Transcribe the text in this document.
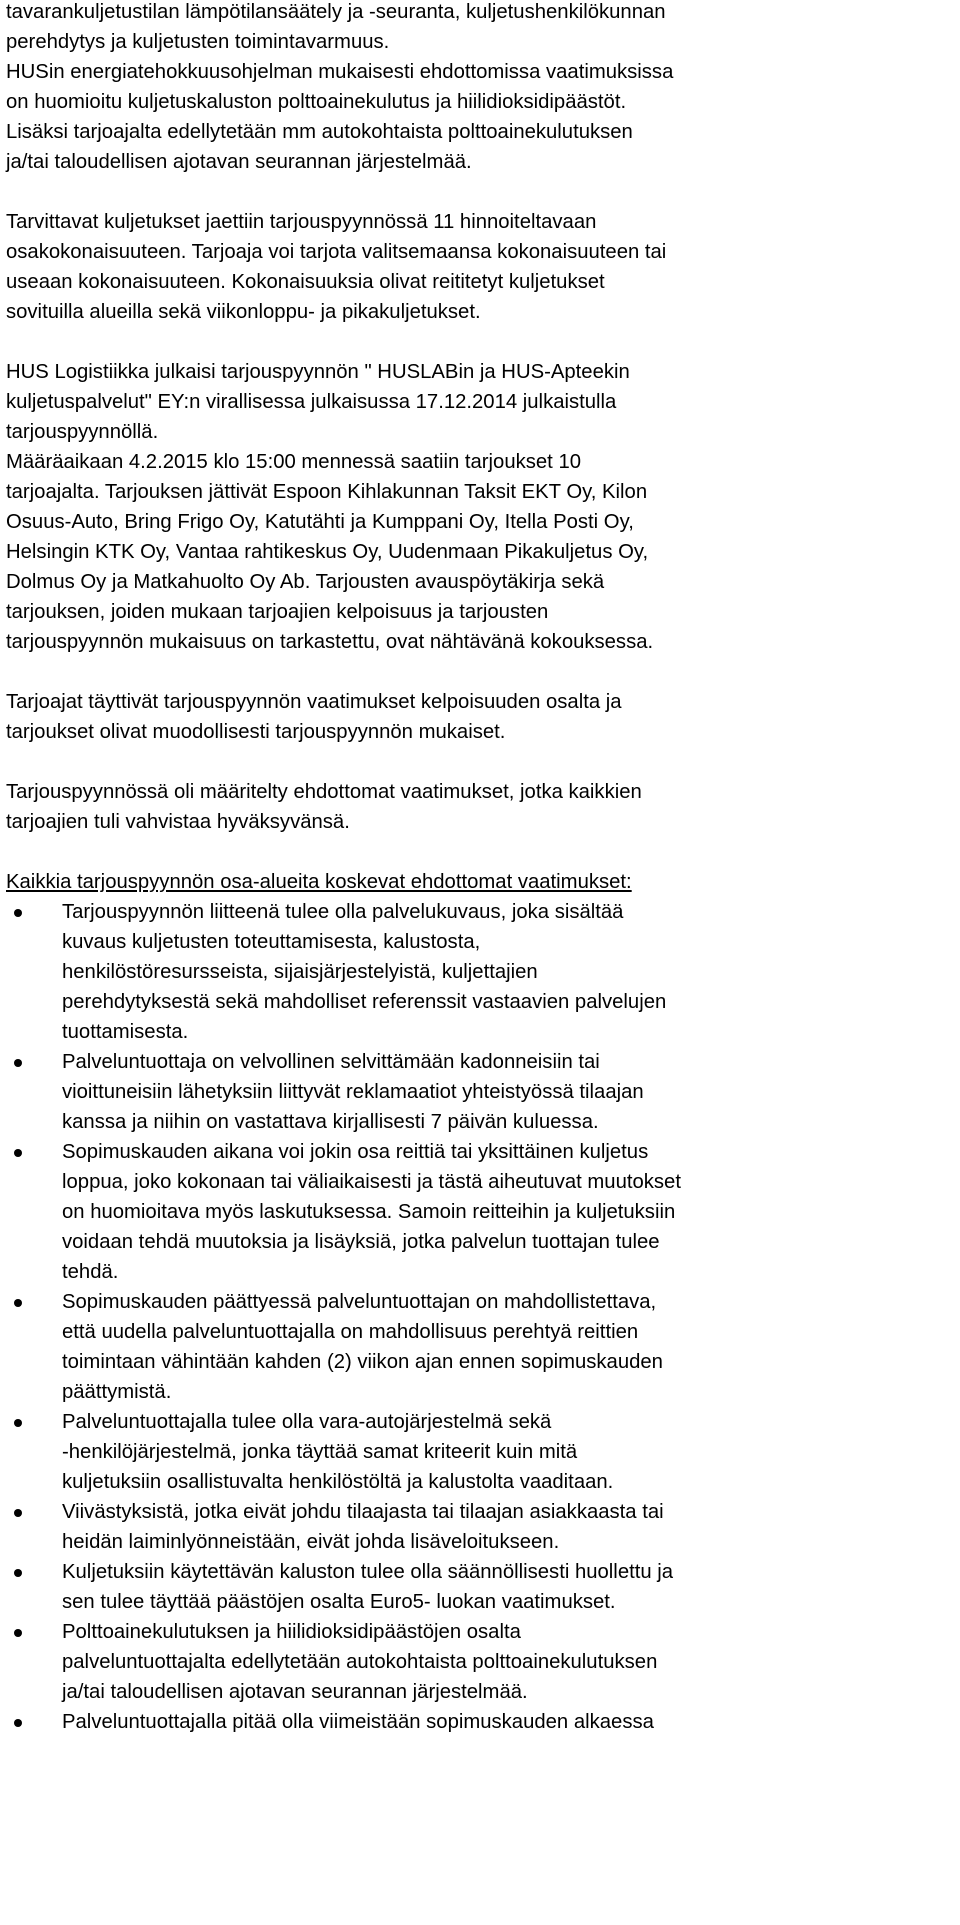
tavarankuljetustilan lämpötilansäätely ja -seuranta, kuljetushenkilökunnan
perehdytys ja kuljetusten toimintavarmuus.
HUSin energiatehokkuusohjelman mukaisesti ehdottomissa vaatimuksissa
on huomioitu kuljetuskaluston polttoainekulutus ja hiilidioksidipäästöt.
Lisäksi tarjoajalta edellytetään mm autokohtaista polttoainekulutuksen
ja/tai taloudellisen ajotavan seurannan järjestelmää.
Tarvittavat kuljetukset jaettiin tarjouspyynnössä 11 hinnoiteltavaan
osakokonaisuuteen. Tarjoaja voi tarjota valitsemaansa kokonaisuuteen tai
useaan kokonaisuuteen. Kokonaisuuksia olivat reititetyt kuljetukset
sovituilla alueilla sekä viikonloppu- ja pikakuljetukset.
HUS Logistiikka julkaisi tarjouspyynnön " HUSLABin ja HUS-Apteekin
kuljetuspalvelut" EY:n virallisessa julkaisussa 17.12.2014 julkaistulla
tarjouspyynnöllä.
Määräaikaan 4.2.2015 klo 15:00 mennessä saatiin tarjoukset 10
tarjoajalta. Tarjouksen jättivät Espoon Kihlakunnan Taksit EKT Oy, Kilon
Osuus-Auto, Bring Frigo Oy, Katutähti ja Kumppani Oy, Itella Posti Oy,
Helsingin KTK Oy, Vantaa rahtikeskus Oy, Uudenmaan Pikakuljetus Oy,
Dolmus Oy ja Matkahuolto Oy Ab. Tarjousten avauspöytäkirja sekä
tarjouksen, joiden mukaan tarjoajien kelpoisuus ja tarjousten
tarjouspyynnön mukaisuus on tarkastettu, ovat nähtävänä kokouksessa.
Tarjoajat täyttivät tarjouspyynnön vaatimukset kelpoisuuden osalta ja
tarjoukset olivat muodollisesti tarjouspyynnön mukaiset.
Tarjouspyynnössä oli määritelty ehdottomat vaatimukset, jotka kaikkien
tarjoajien tuli vahvistaa hyväksyvänsä.
Kaikkia tarjouspyynnön osa-alueita koskevat ehdottomat vaatimukset:
Tarjouspyynnön liitteenä tulee olla palvelukuvaus, joka sisältää
kuvaus kuljetusten toteuttamisesta, kalustosta,
henkilöstöresursseista, sijaisjärjestelyistä, kuljettajien
perehdytyksestä sekä mahdolliset referenssit vastaavien palvelujen
tuottamisesta.
Palveluntuottaja on velvollinen selvittämään kadonneisiin tai
vioittuneisiin lähetyksiin liittyvät reklamaatiot yhteistyössä tilaajan
kanssa ja niihin on vastattava kirjallisesti 7 päivän kuluessa.
Sopimuskauden aikana voi jokin osa reittiä tai yksittäinen kuljetus
loppua, joko kokonaan tai väliaikaisesti ja tästä aiheutuvat muutokset
on huomioitava myös laskutuksessa. Samoin reitteihin ja kuljetuksiin
voidaan tehdä muutoksia ja lisäyksiä, jotka palvelun tuottajan tulee
tehdä.
Sopimuskauden päättyessä palveluntuottajan on mahdollistettava,
että uudella palveluntuottajalla on mahdollisuus perehtyä reittien
toimintaan vähintään kahden (2) viikon ajan ennen sopimuskauden
päättymistä.
Palveluntuottajalla tulee olla vara-autojärjestelmä sekä
-henkilöjärjestelmä, jonka täyttää samat kriteerit kuin mitä
kuljetuksiin osallistuvalta henkilöstöltä ja kalustolta vaaditaan.
Viivästyksistä, jotka eivät johdu tilaajasta tai tilaajan asiakkaasta tai
heidän laiminlyönneistään, eivät johda lisäveloitukseen.
Kuljetuksiin käytettävän kaluston tulee olla säännöllisesti huollettu ja
sen tulee täyttää päästöjen osalta Euro5- luokan vaatimukset.
Polttoainekulutuksen ja hiilidioksidipäästöjen osalta
palveluntuottajalta edellytetään autokohtaista polttoainekulutuksen
ja/tai taloudellisen ajotavan seurannan järjestelmää.
Palveluntuottajalla pitää olla viimeistään sopimuskauden alkaessa
